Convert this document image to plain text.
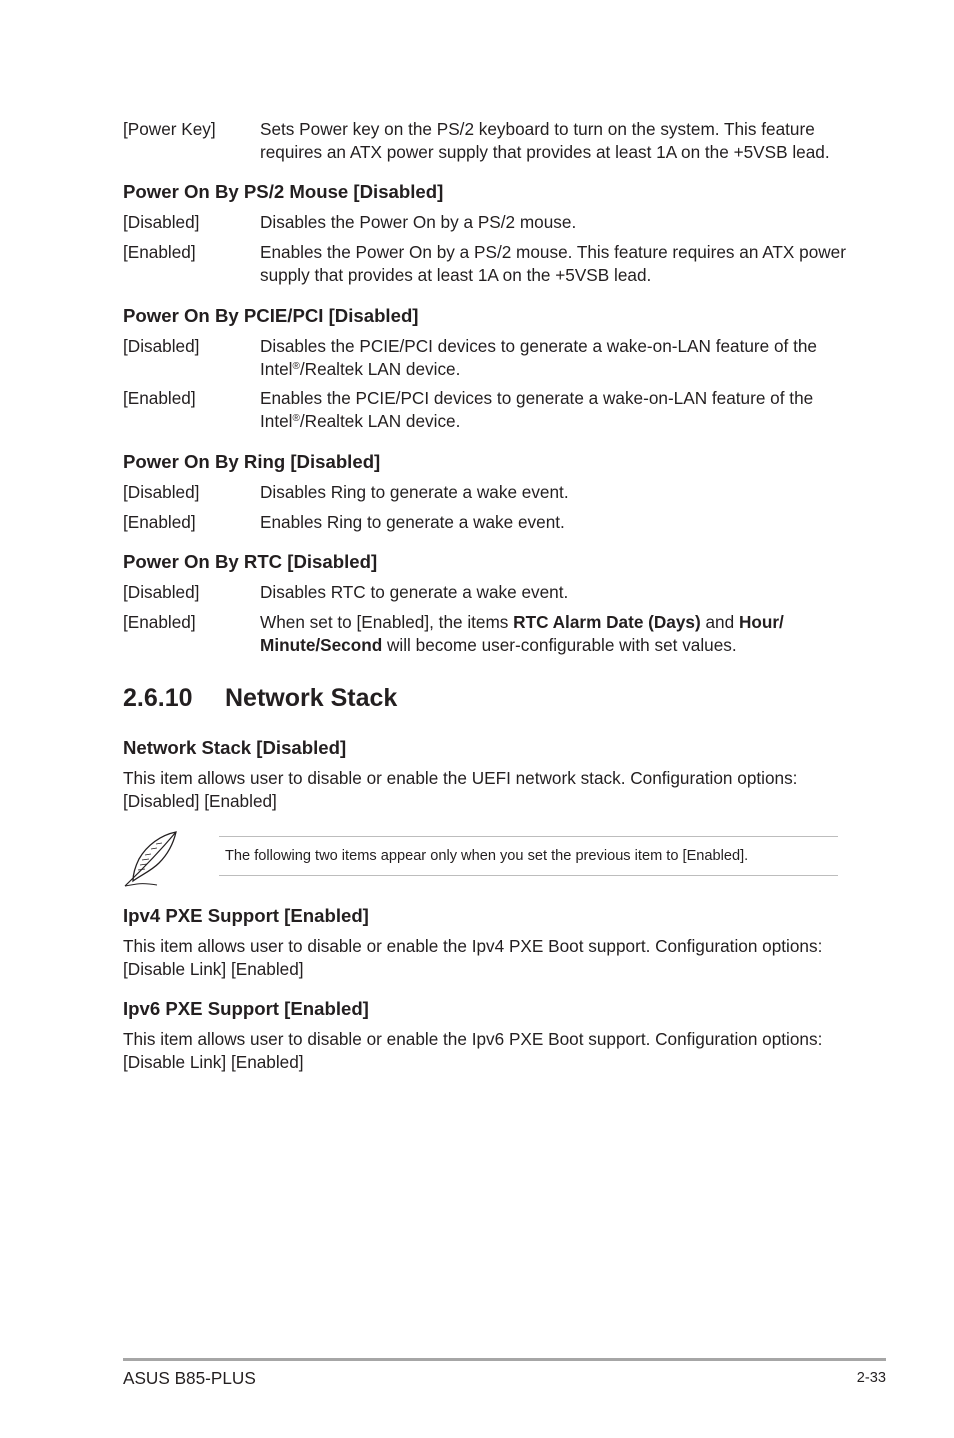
[Power Key]	Sets Power key on the PS/2 keyboard to turn on the system. This feature requires an ATX power supply that provides at least 1A on the +5VSB lead.
Power On By PS/2 Mouse [Disabled]
[Disabled]	Disables the Power On by a PS/2 mouse.
[Enabled]	Enables the Power On by a PS/2 mouse. This feature requires an ATX power supply that provides at least 1A on the +5VSB lead.
Power On By PCIE/PCI [Disabled]
[Disabled]	Disables the PCIE/PCI devices to generate a wake-on-LAN feature of the Intel®/Realtek LAN device.
[Enabled]	Enables the PCIE/PCI devices to generate a wake-on-LAN feature of the Intel®/Realtek LAN device.
Power On By Ring [Disabled]
[Disabled]	Disables Ring to generate a wake event.
[Enabled]	Enables Ring to generate a wake event.
Power On By RTC [Disabled]
[Disabled]	Disables RTC to generate a wake event.
[Enabled]	When set to [Enabled], the items RTC Alarm Date (Days) and Hour/ Minute/Second will become user-configurable with set values.
2.6.10 Network Stack
Network Stack [Disabled]
This item allows user to disable or enable the UEFI network stack. Configuration options: [Disabled] [Enabled]
The following two items appear only when you set the previous item to [Enabled].
Ipv4 PXE Support [Enabled]
This item allows user to disable or enable the Ipv4 PXE Boot support. Configuration options: [Disable Link] [Enabled]
Ipv6 PXE Support [Enabled]
This item allows user to disable or enable the Ipv6 PXE Boot support. Configuration options: [Disable Link] [Enabled]
ASUS B85-PLUS	2-33
